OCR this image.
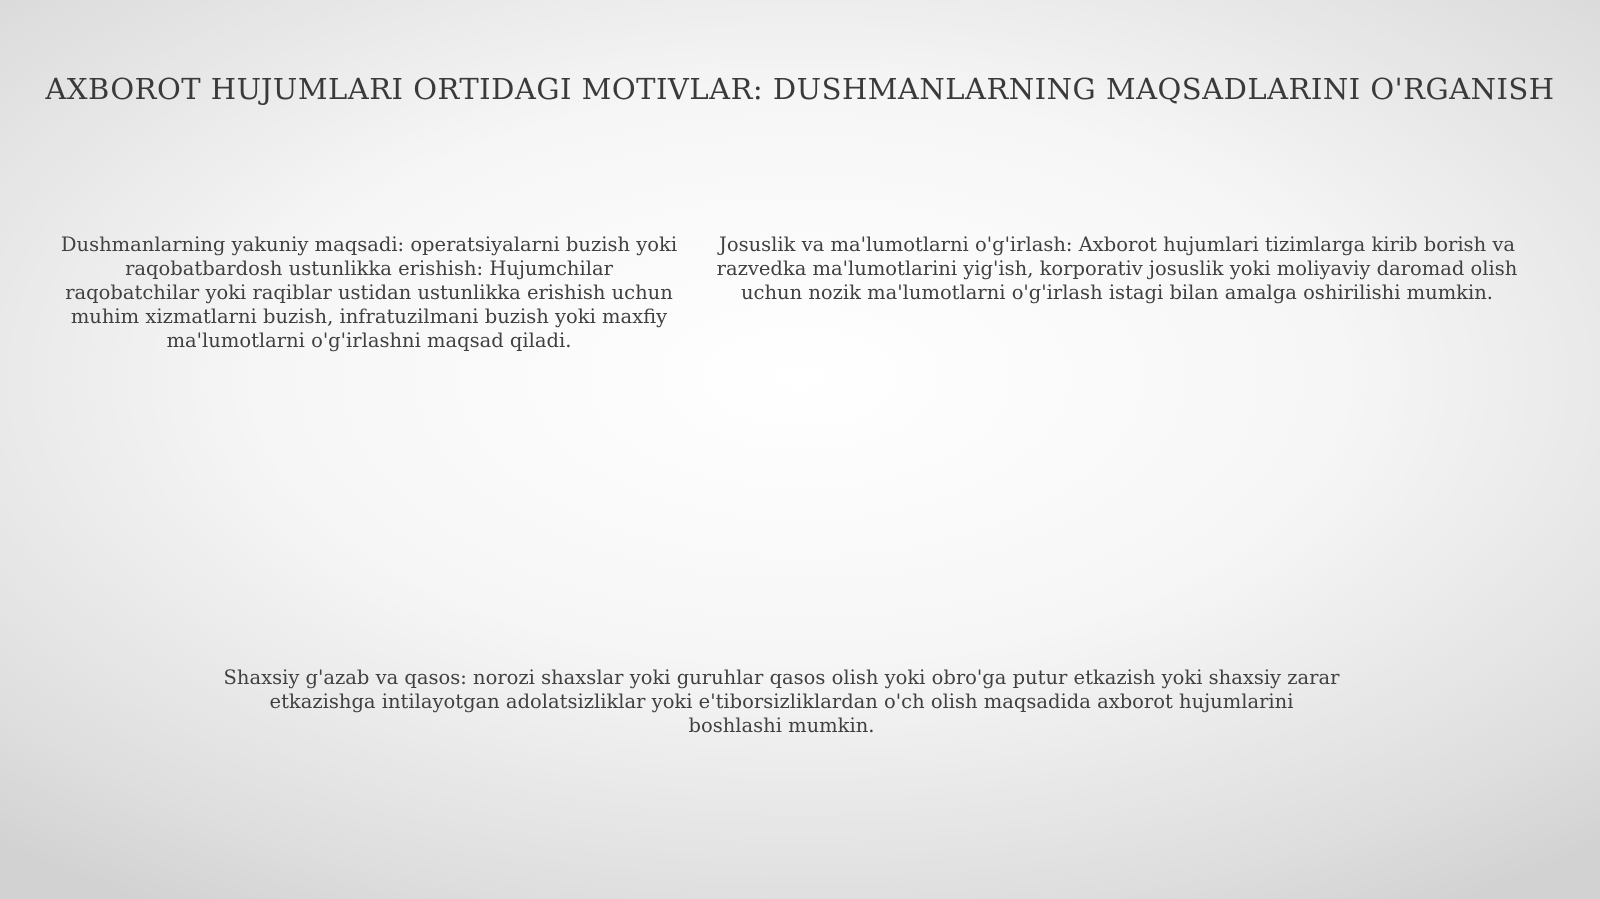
AXBOROT HUJUMLARI ORTIDAGI MOTIVLAR: DUSHMANLARNING MAQSADLARINI O'RGANISH
Dushmanlarning yakuniy maqsadi: operatsiyalarni buzish yoki raqobatbardosh ustunlikka erishish: Hujumchilar raqobatchilar yoki raqiblar ustidan ustunlikka erishish uchun muhim xizmatlarni buzish, infratuzilmani buzish yoki maxfiy ma'lumotlarni o'g'irlashni maqsad qiladi.
Josuslik va ma'lumotlarni o'g'irlash: Axborot hujumlari tizimlarga kirib borish va razvedka ma'lumotlarini yig'ish, korporativ josuslik yoki moliyaviy daromad olish uchun nozik ma'lumotlarni o'g'irlash istagi bilan amalga oshirilishi mumkin.
Shaxsiy g'azab va qasos: norozi shaxslar yoki guruhlar qasos olish yoki obro'ga putur etkazish yoki shaxsiy zarar etkazishga intilayotgan adolatsizliklar yoki e'tiborsizliklardan o'ch olish maqsadida axborot hujumlarini boshlashi mumkin.
